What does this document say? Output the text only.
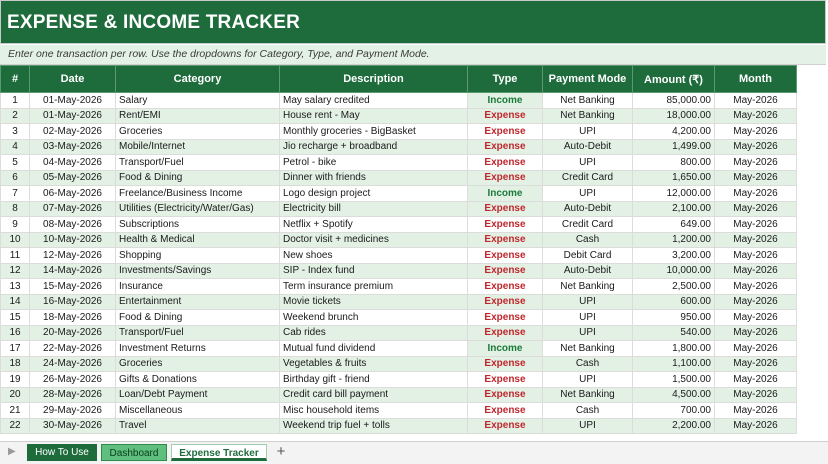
EXPENSE & INCOME TRACKER
Enter one transaction per row. Use the dropdowns for Category, Type, and Payment Mode.
#	Date	Category	Description	Type	Payment Mode	Amount (₹)	Month
1	01-May-2026	Salary	May salary credited	Income	Net Banking	85,000.00	May-2026
2	01-May-2026	Rent/EMI	House rent - May	Expense	Net Banking	18,000.00	May-2026
3	02-May-2026	Groceries	Monthly groceries - BigBasket	Expense	UPI	4,200.00	May-2026
4	03-May-2026	Mobile/Internet	Jio recharge + broadband	Expense	Auto-Debit	1,499.00	May-2026
5	04-May-2026	Transport/Fuel	Petrol - bike	Expense	UPI	800.00	May-2026
6	05-May-2026	Food & Dining	Dinner with friends	Expense	Credit Card	1,650.00	May-2026
7	06-May-2026	Freelance/Business Income	Logo design project	Income	UPI	12,000.00	May-2026
8	07-May-2026	Utilities (Electricity/Water/Gas)	Electricity bill	Expense	Auto-Debit	2,100.00	May-2026
9	08-May-2026	Subscriptions	Netflix + Spotify	Expense	Credit Card	649.00	May-2026
10	10-May-2026	Health & Medical	Doctor visit + medicines	Expense	Cash	1,200.00	May-2026
11	12-May-2026	Shopping	New shoes	Expense	Debit Card	3,200.00	May-2026
12	14-May-2026	Investments/Savings	SIP - Index fund	Expense	Auto-Debit	10,000.00	May-2026
13	15-May-2026	Insurance	Term insurance premium	Expense	Net Banking	2,500.00	May-2026
14	16-May-2026	Entertainment	Movie tickets	Expense	UPI	600.00	May-2026
15	18-May-2026	Food & Dining	Weekend brunch	Expense	UPI	950.00	May-2026
16	20-May-2026	Transport/Fuel	Cab rides	Expense	UPI	540.00	May-2026
17	22-May-2026	Investment Returns	Mutual fund dividend	Income	Net Banking	1,800.00	May-2026
18	24-May-2026	Groceries	Vegetables & fruits	Expense	Cash	1,100.00	May-2026
19	26-May-2026	Gifts & Donations	Birthday gift - friend	Expense	UPI	1,500.00	May-2026
20	28-May-2026	Loan/Debt Payment	Credit card bill payment	Expense	Net Banking	4,500.00	May-2026
21	29-May-2026	Miscellaneous	Misc household items	Expense	Cash	700.00	May-2026
22	30-May-2026	Travel	Weekend trip fuel + tolls	Expense	UPI	2,200.00	May-2026
▶	How To Use	Dashboard	Expense Tracker	+
